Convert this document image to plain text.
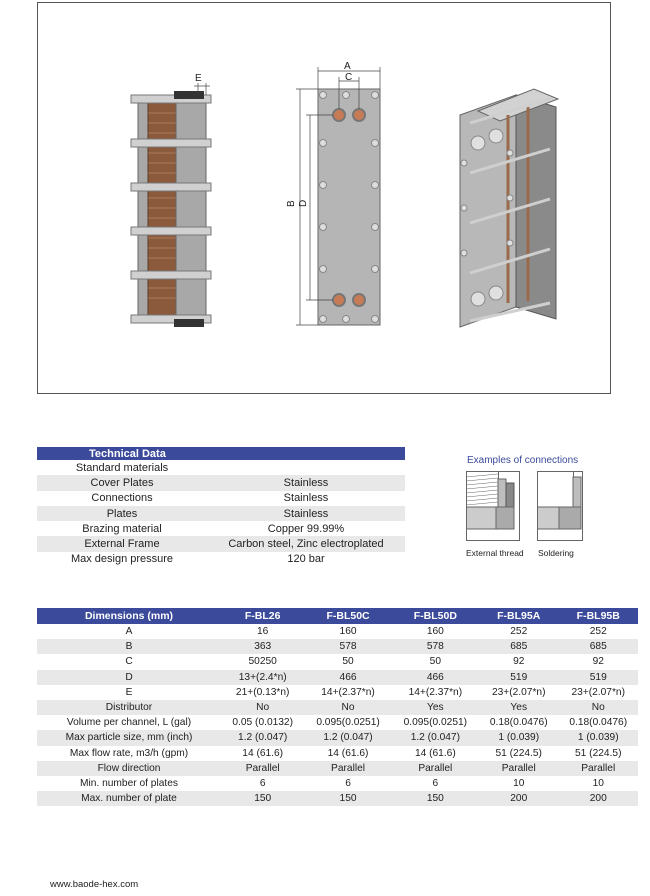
E
A
C
B D
Technical Data	
Standard materials	
Cover Plates	Stainless
Connections	Stainless
Plates	Stainless
Brazing material	Copper 99.99%
External Frame	Carbon steel, Zinc electroplated
Max design pressure	120 bar
Examples of connections
External thread Soldering
Dimensions (mm)	F-BL26	F-BL50C	F-BL50D	F-BL95A	F-BL95B
A	16	160	160	252	252
B	363	578	578	685	685
C	50250	50	50	92	92
D	13+(2.4*n)	466	466	519	519
E	21+(0.13*n)	14+(2.37*n)	14+(2.37*n)	23+(2.07*n)	23+(2.07*n)
Distributor	No	No	Yes	Yes	No
Volume per channel, L (gal)	0.05 (0.0132)	0.095(0.0251)	0.095(0.0251)	0.18(0.0476)	0.18(0.0476)
Max particle size, mm (inch)	1.2 (0.047)	1.2 (0.047)	1.2 (0.047)	1 (0.039)	1 (0.039)
Max flow rate, m3/h (gpm)	14 (61.6)	14 (61.6)	14 (61.6)	51 (224.5)	51 (224.5)
Flow direction	Parallel	Parallel	Parallel	Parallel	Parallel
Min. number of plates	6	6	6	10	10
Max. number of plate	150	150	150	200	200
www.baode-hex.com
